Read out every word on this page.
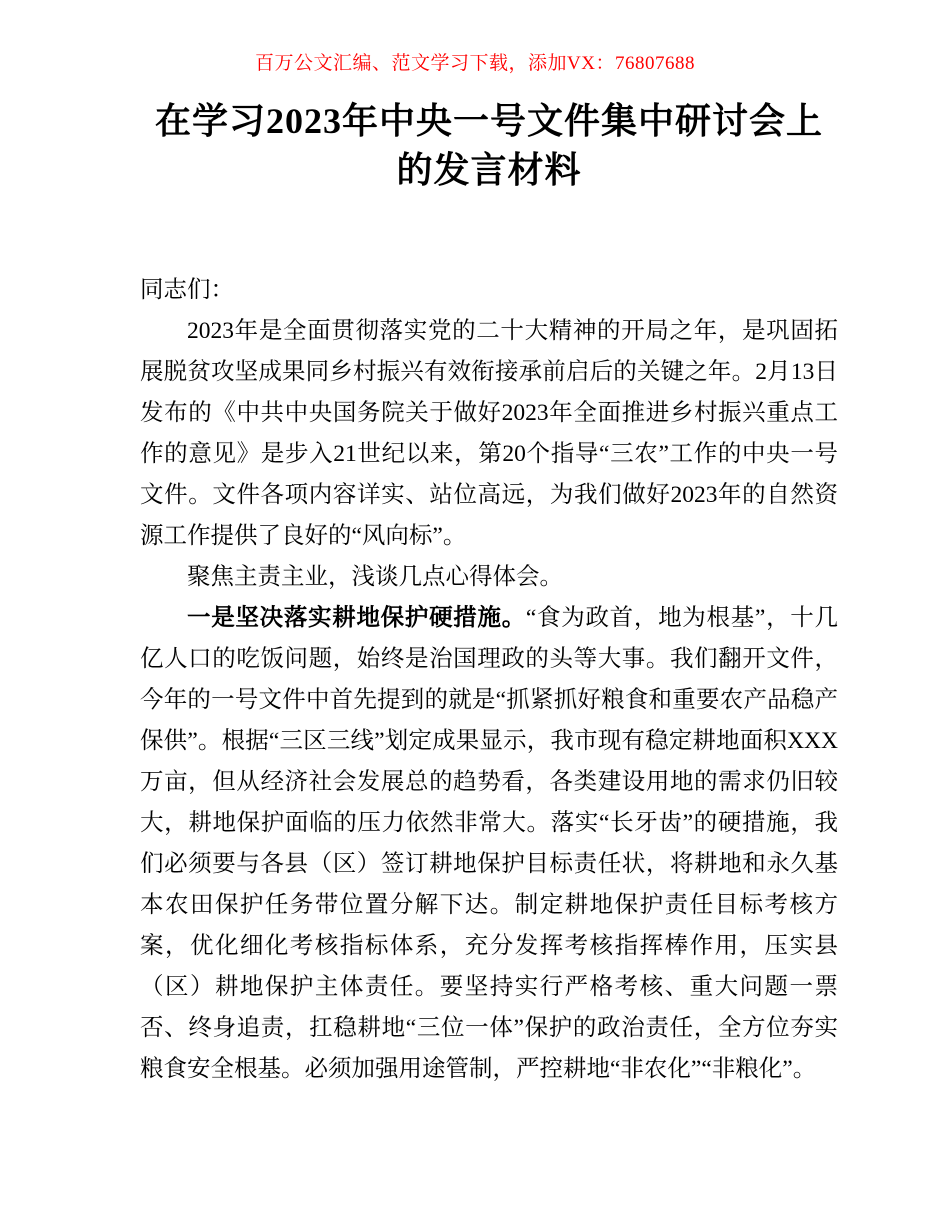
百万公文汇编、范文学习下载，添加VX：76807688
在学习2023年中央一号文件集中研讨会上的发言材料

同志们：

2023年是全面贯彻落实党的二十大精神的开局之年，是巩固拓展脱贫攻坚成果同乡村振兴有效衔接承前启后的关键之年。2月13日发布的《中共中央国务院关于做好2023年全面推进乡村振兴重点工作的意见》是步入21世纪以来，第20个指导“三农”工作的中央一号文件。文件各项内容详实、站位高远，为我们做好2023年的自然资源工作提供了良好的“风向标”。

聚焦主责主业，浅谈几点心得体会。

一是坚决落实耕地保护硬措施。“食为政首，地为根基”，十几亿人口的吃饭问题，始终是治国理政的头等大事。我们翻开文件，今年的一号文件中首先提到的就是“抓紧抓好粮食和重要农产品稳产保供”。根据“三区三线”划定成果显示，我市现有稳定耕地面积XXX万亩，但从经济社会发展总的趋势看，各类建设用地的需求仍旧较大，耕地保护面临的压力依然非常大。落实“长牙齿”的硬措施，我们必须要与各县（区）签订耕地保护目标责任状，将耕地和永久基本农田保护任务带位置分解下达。制定耕地保护责任目标考核方案，优化细化考核指标体系，充分发挥考核指挥棒作用，压实县（区）耕地保护主体责任。要坚持实行严格考核、重大问题一票否、终身追责，扛稳耕地“三位一体”保护的政治责任，全方位夯实粮食安全根基。必须加强用途管制，严控耕地“非农化”“非粮化”。
